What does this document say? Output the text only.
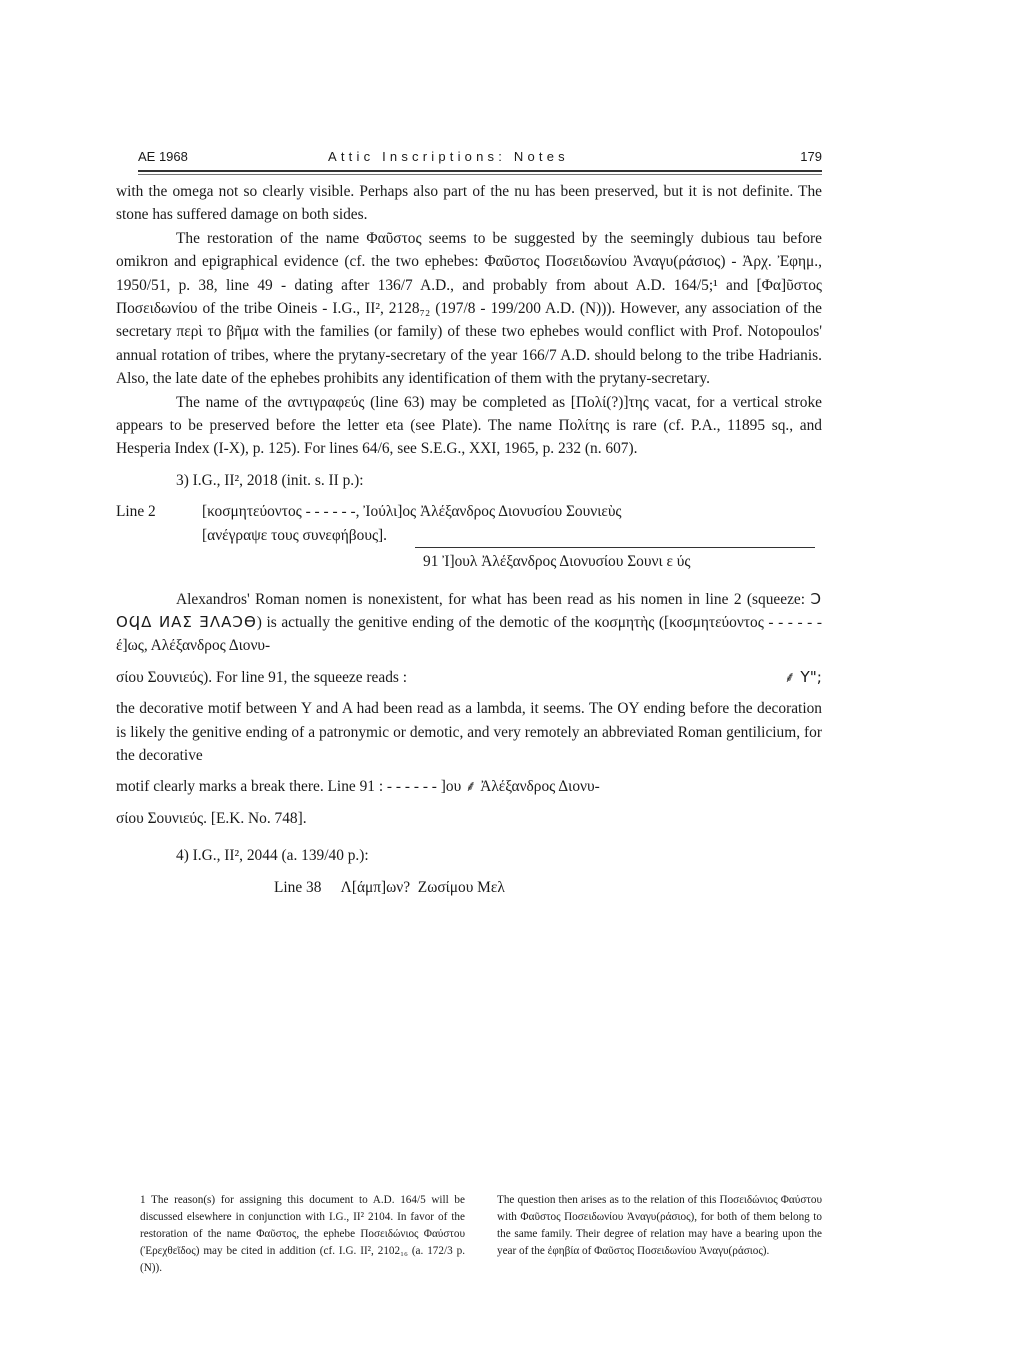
AE 1968	Attic Inscriptions: Notes	179

with the omega not so clearly visible. Perhaps also part of the nu has been preserved, but it is not definite. The stone has suffered damage on both sides.

The restoration of the name Φαῦστος seems to be suggested by the seemingly dubious tau before omikron and epigraphical evidence (cf. the two ephebes: Φαῦστος Ποσειδωνίου Ἀναγυ(ράσιος) - Ἀρχ. Ἐφημ., 1950/51, p. 38, line 49 - dating after 136/7 A.D., and probably from about A.D. 164/5;¹ and [Φα]ῦστος Ποσειδωνίου of the tribe Oineis - I.G., II², 2128₇₂ (197/8 - 199/200 A.D. (N))). However, any association of the secretary περὶ το βῆμα with the families (or family) of these two ephebes would conflict with Prof. Notopoulos' annual rotation of tribes, where the prytany-secretary of the year 166/7 A.D. should belong to the tribe Hadrianis. Also, the late date of the ephebes prohibits any identification of them with the prytany-secretary.

The name of the αντιγραφεύς (line 63) may be completed as [Πολί(?)]της vacat, for a vertical stroke appears to be preserved before the letter eta (see Plate). The name Πολίτης is rare (cf. P.A., 11895 sq., and Hesperia Index (I-X), p. 125). For lines 64/6, see S.E.G., XXI, 1965, p. 232 (n. 607).

3) I.G., II², 2018 (init. s. II p.):

Line 2	[κοσμητεύοντος - - - - - -, Ἰούλι]ος Ἀλέξανδρος Διονυσίου Σουνιεὺς

[ανέγραψε τους συνεφήβους].

91 Ἰ]ουλ Ἀλέξανδρος Διονυσίου Σουνι ε ύς

Alexandros' Roman nomen is nonexistent, for what has been read as his nomen in line 2 (squeeze: Ↄ ΟϤΔ ИΑΣ ƎΛΑↃϴ) is actually the genitive ending of the demotic of the κοσμητὴς ([κοσμητεύοντος - - - - - - έ]ως, Αλέξανδρος Διονυ-

σίου Σουνιεύς). For line 91, the squeeze reads :	⸙ Υ";

the decorative motif between Y and A had been read as a lambda, it seems. The OY ending before the decoration is likely the genitive ending of a patronymic or demotic, and very remotely an abbreviated Roman gentilicium, for the decorative

motif clearly marks a break there. Line 91 : - - - - - - ]ου ⸙ Ἀλέξανδρος Διονυ-

σίου Σουνιεύς. [E.K. No. 748].

4) I.G., II², 2044 (a. 139/40 p.):

Line 38     Λ[άμπ]ων?  Ζωσίμου Μελ

1 The reason(s) for assigning this document to A.D. 164/5 will be discussed elsewhere in conjunction with I.G., II² 2104. In favor of the restoration of the name Φαῦστος, the ephebe Ποσειδώνιος Φαύστου (Ἐρεχθεῖδος) may be cited in addition (cf. I.G. II², 2102₁₆ (a. 172/3 p. (N)).

The question then arises as to the relation of this Ποσειδώνιος Φαύστου with Φαῦστος Ποσειδωνίου Ἀναγυ(ράσιος), for both of them belong to the same family. Their degree of relation may have a bearing upon the year of the ἐφηβία of Φαῦστος Ποσειδωνίου Ἀναγυ(ράσιος).
